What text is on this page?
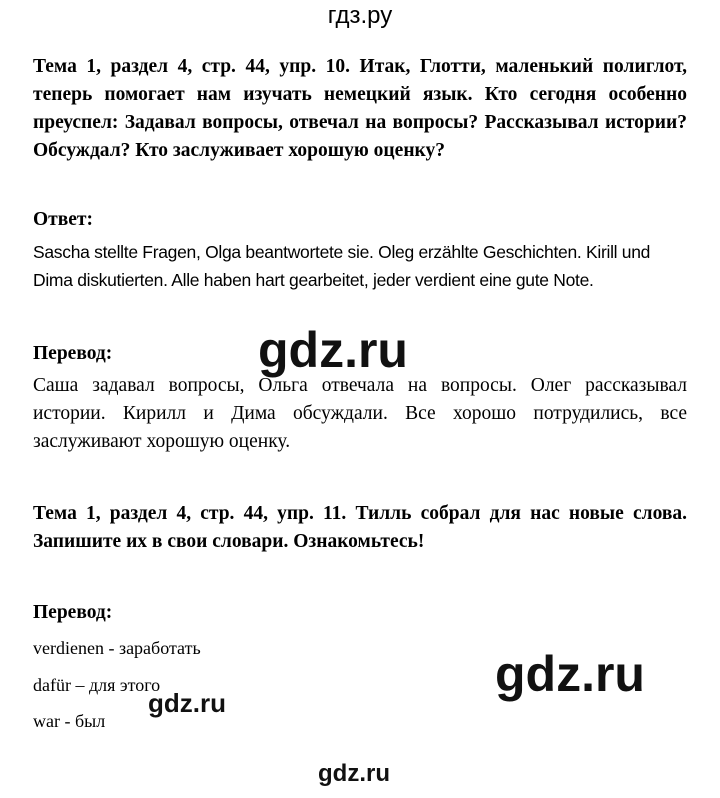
гдз.ру

Тема 1, раздел 4, стр. 44, упр. 10. Итак, Глотти, маленький полиглот, теперь помогает нам изучать немецкий язык. Кто сегодня особенно преуспел: Задавал вопросы, отвечал на вопросы? Рассказывал истории? Обсуждал? Кто заслуживает хорошую оценку?

Ответ:

Sascha stellte Fragen, Olga beantwortete sie. Oleg erzählte Geschichten. Kirill und Dima diskutierten. Alle haben hart gearbeitet, jeder verdient eine gute Note.

Перевод:

Саша задавал вопросы, Ольга отвечала на вопросы. Олег рассказывал истории. Кирилл и Дима обсуждали. Все хорошо потрудились, все заслуживают хорошую оценку.

Тема 1, раздел 4, стр. 44, упр. 11. Тилль собрал для нас новые слова. Запишите их в свои словари. Ознакомьтесь!

Перевод:

verdienen - заработать
dafür – для этого
war - был
gdz.ru
gdz.ru
gdz.ru
gdz.ru
